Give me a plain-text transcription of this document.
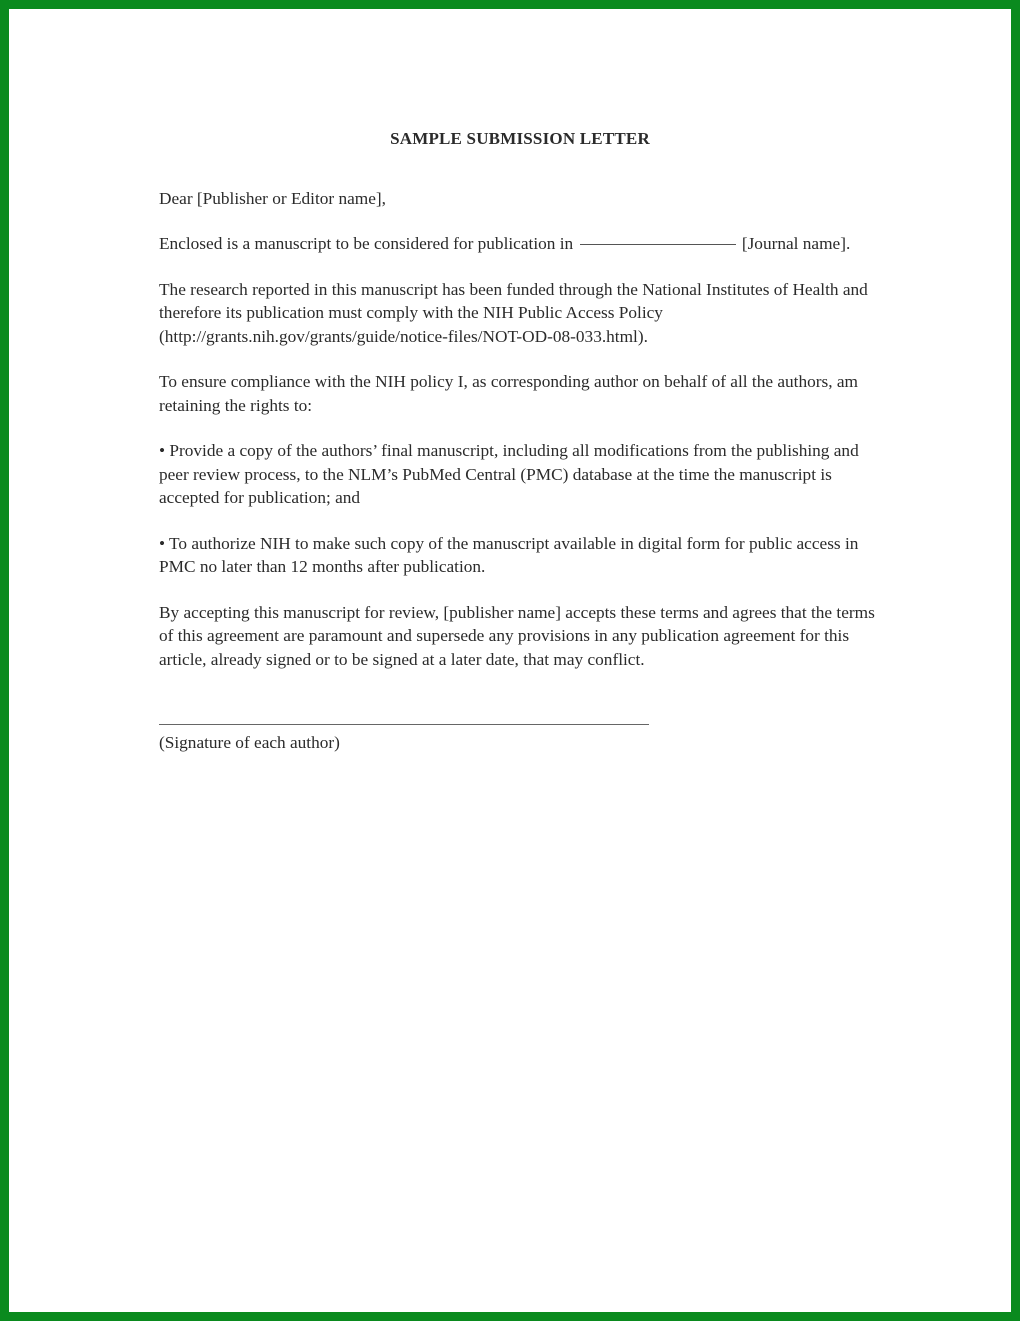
SAMPLE SUBMISSION LETTER

Dear [Publisher or Editor name],

Enclosed is a manuscript to be considered for publication in	[Journal name].

The research reported in this manuscript has been funded through the National Institutes of Health and therefore its publication must comply with the NIH Public Access Policy (http://grants.nih.gov/grants/guide/notice-files/NOT-OD-08-033.html).

To ensure compliance with the NIH policy I, as corresponding author on behalf of all the authors, am retaining the rights to:

• Provide a copy of the authors’ final manuscript, including all modifications from the publishing and peer review process, to the NLM’s PubMed Central (PMC) database at the time the manuscript is accepted for publication; and

• To authorize NIH to make such copy of the manuscript available in digital form for public access in PMC no later than 12 months after publication.

By accepting this manuscript for review, [publisher name] accepts these terms and agrees that the terms of this agreement are paramount and supersede any provisions in any publication agreement for this article, already signed or to be signed at a later date, that may conflict.

(Signature of each author)
